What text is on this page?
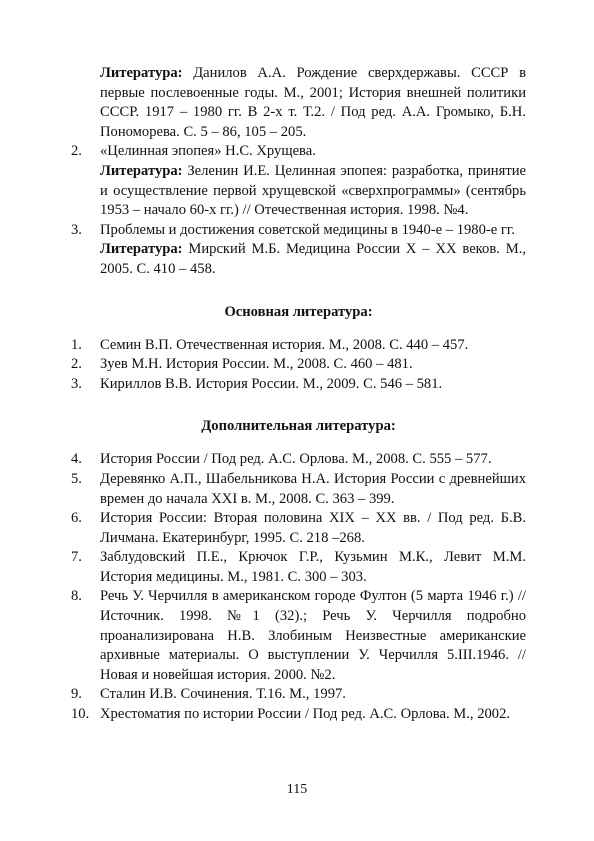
Литература: Данилов А.А. Рождение сверхдержавы. СССР в первые послевоенные годы. М., 2001; История внешней политики СССР. 1917 – 1980 гг. В 2-х т. Т.2. / Под ред. А.А. Громыко, Б.Н. Пономорева. С. 5 – 86, 105 – 205.

2. «Целинная эпопея» Н.С. Хрущева.

Литература: Зеленин И.Е. Целинная эпопея: разработка, принятие и осуществление первой хрущевской «сверхпрограммы» (сентябрь 1953 – начало 60-х гг.) // Отечественная история. 1998. №4.

3. Проблемы и достижения советской медицины в 1940-е – 1980-е гг.

Литература: Мирский М.Б. Медицина России X – XX веков. М., 2005. С. 410 – 458.

Основная литература:
1. Семин В.П. Отечественная история. М., 2008. С. 440 – 457.
2. Зуев М.Н. История России. М., 2008. С. 460 – 481.
3. Кириллов В.В. История России. М., 2009. С. 546 – 581.
Дополнительная литература:
4. История России / Под ред. А.С. Орлова. М., 2008. С. 555 – 577.
5. Деревянко А.П., Шабельникова Н.А. История России с древнейших времен до начала XXI в. М., 2008. С. 363 – 399.
6. История России: Вторая половина XIX – XX вв. / Под ред. Б.В. Личмана. Екатеринбург, 1995. С. 218 –268.
7. Заблудовский П.Е., Крючок Г.Р., Кузьмин М.К., Левит М.М. История медицины. М., 1981. С. 300 – 303.
8. Речь У. Черчилля в американском городе Фултон (5 марта 1946 г.) // Источник. 1998. №1 (32).; Речь У. Черчилля подробно проанализирована Н.В. Злобиным Неизвестные американские архивные материалы. О выступлении У. Черчилля 5.III.1946. // Новая и новейшая история. 2000. №2.
9. Сталин И.В. Сочинения. Т.16. М., 1997.
10. Хрестоматия по истории России / Под ред. А.С. Орлова. М., 2002.
115
